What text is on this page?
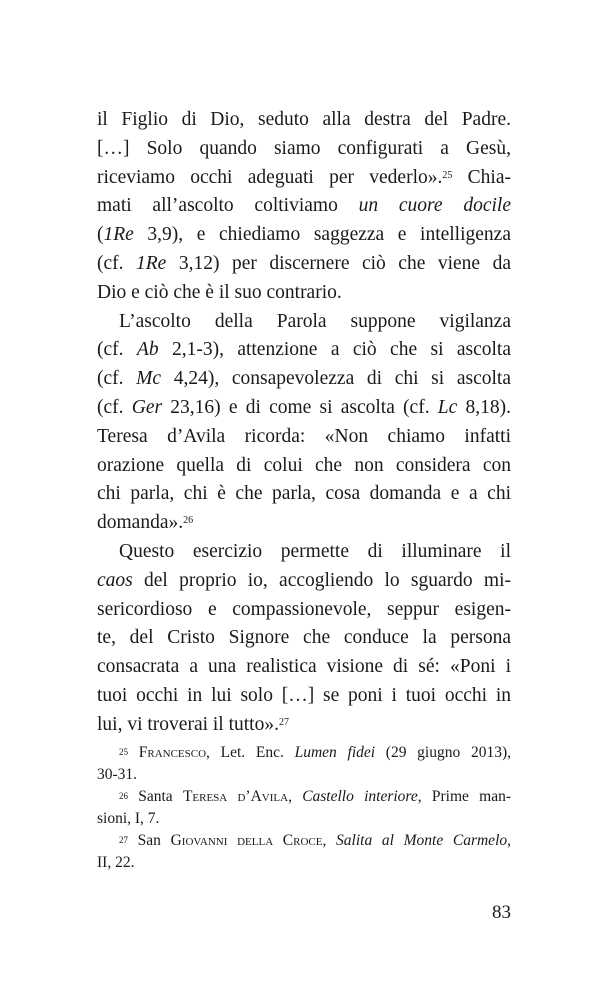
il Figlio di Dio, seduto alla destra del Padre.
[…] Solo quando siamo configurati a Gesù,
riceviamo occhi adeguati per vederlo».$^{25}$ Chia-
mati all’ascolto coltiviamo un cuore docile
(1Re 3,9), e chiediamo saggezza e intelligenza
(cf. 1Re 3,12) per discernere ciò che viene da
Dio e ciò che è il suo contrario.
L’ascolto della Parola suppone vigilanza
(cf. Ab 2,1-3), attenzione a ciò che si ascolta
(cf. Mc 4,24), consapevolezza di chi si ascolta
(cf. Ger 23,16) e di come si ascolta (cf. Lc 8,18).
Teresa d’Avila ricorda: «Non chiamo infatti
orazione quella di colui che non considera con
chi parla, chi è che parla, cosa domanda e a chi
domanda».$^{26}$
Questo esercizio permette di illuminare il
caos del proprio io, accogliendo lo sguardo mi-
sericordioso e compassionevole, seppur esigen-
te, del Cristo Signore che conduce la persona
consacrata a una realistica visione di sé: «Poni i
tuoi occhi in lui solo […] se poni i tuoi occhi in
lui, vi troverai il tutto».$^{27}$
$^{25}$ Francesco, Let. Enc. Lumen fidei (29 giugno 2013),
30-31.
$^{26}$ Santa Teresa d’Avila, Castello interiore, Prime man-
sioni, I, 7.
$^{27}$ San Giovanni della Croce, Salita al Monte Carmelo,
II, 22.
83
